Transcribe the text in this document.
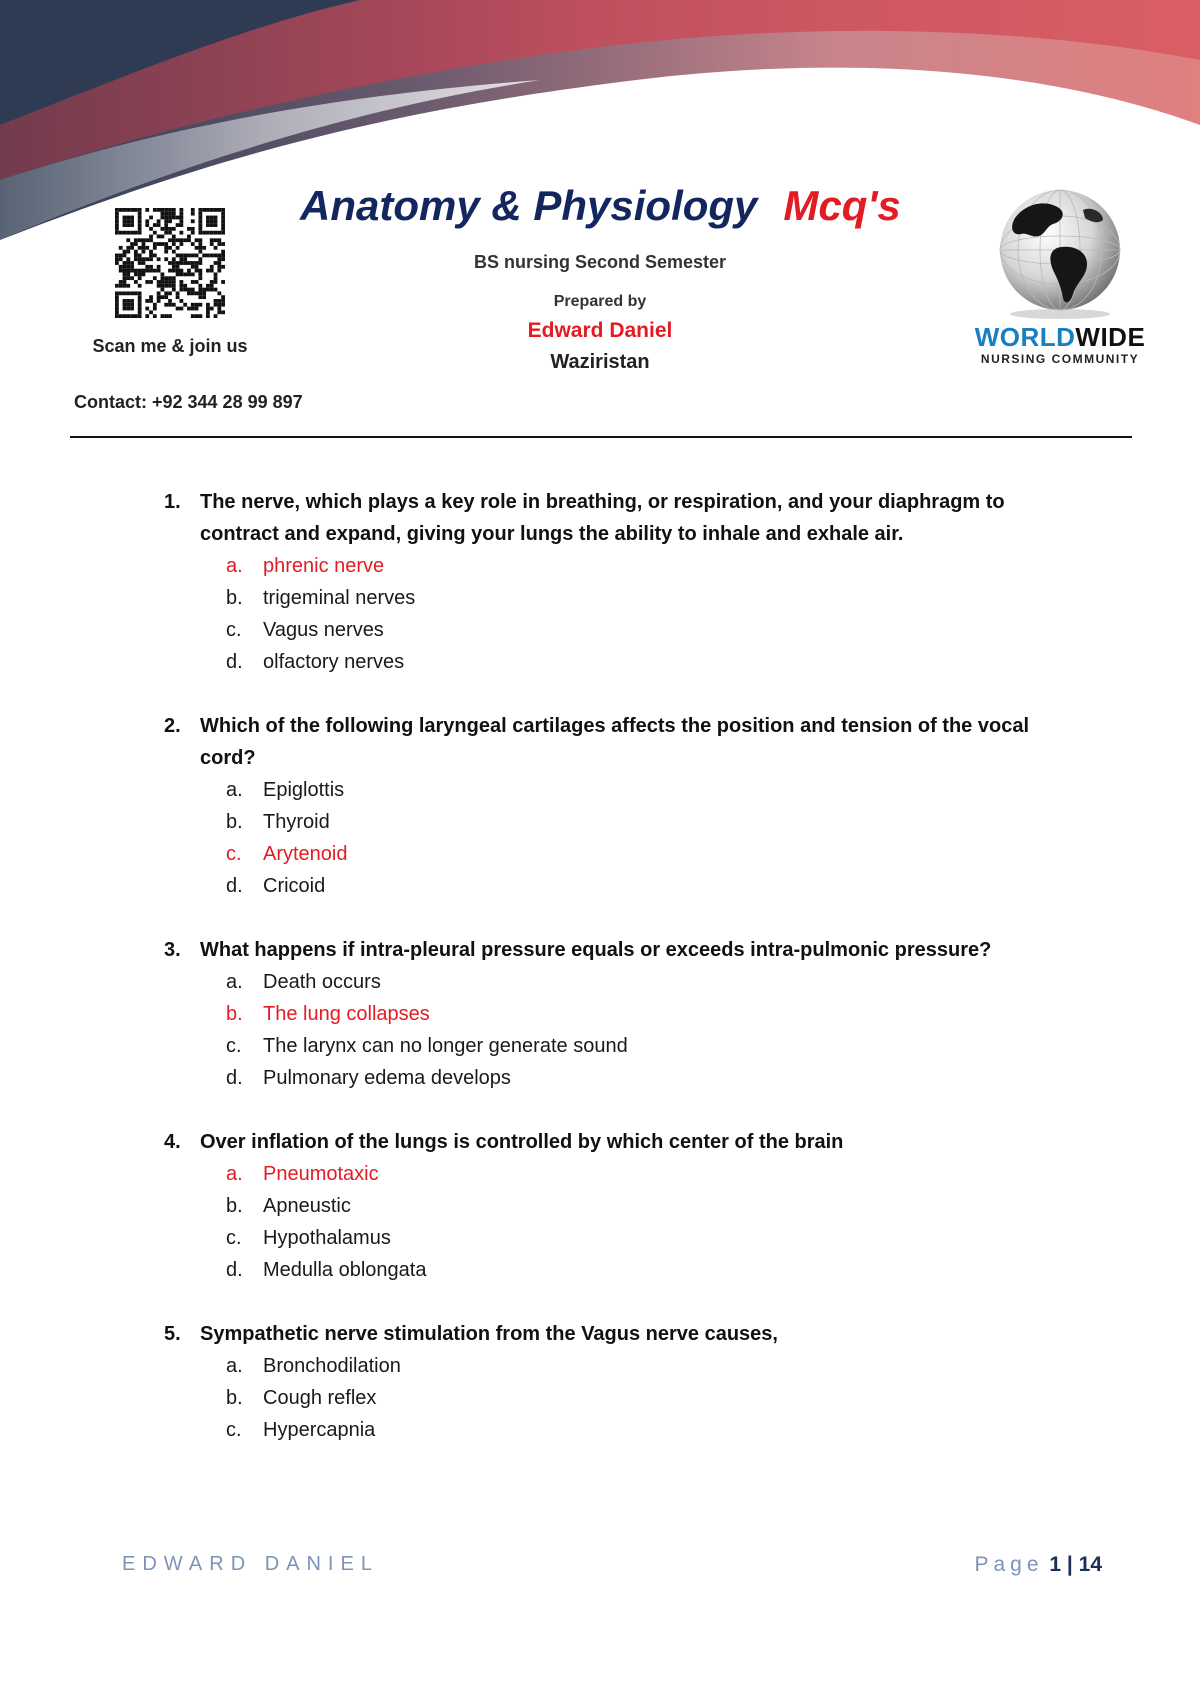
Scan me & join us
Contact: +92 344 28 99 897
Anatomy & Physiology Mcq's
BS nursing Second Semester
Prepared by
Edward Daniel
Waziristan
WORLDWIDE
NURSING COMMUNITY
1. The nerve, which plays a key role in breathing, or respiration, and your diaphragm to contract and expand, giving your lungs the ability to inhale and exhale air.
a.	phrenic nerve
b.	trigeminal nerves
c.	Vagus nerves
d.	olfactory nerves
2. Which of the following laryngeal cartilages affects the position and tension of the vocal cord?
a.	Epiglottis
b.	Thyroid
c.	Arytenoid
d.	Cricoid
3. What happens if intra-pleural pressure equals or exceeds intra-pulmonic pressure?
a.	Death occurs
b.	The lung collapses
c.	The larynx can no longer generate sound
d.	Pulmonary edema develops
4. Over inflation of the lungs is controlled by which center of the brain
a.	Pneumotaxic
b.	Apneustic
c.	Hypothalamus
d.	Medulla oblongata
5. Sympathetic nerve stimulation from the Vagus nerve causes,
a.	Bronchodilation
b.	Cough reflex
c.	Hypercapnia
EDWARD DANIEL	Page 1 | 14
